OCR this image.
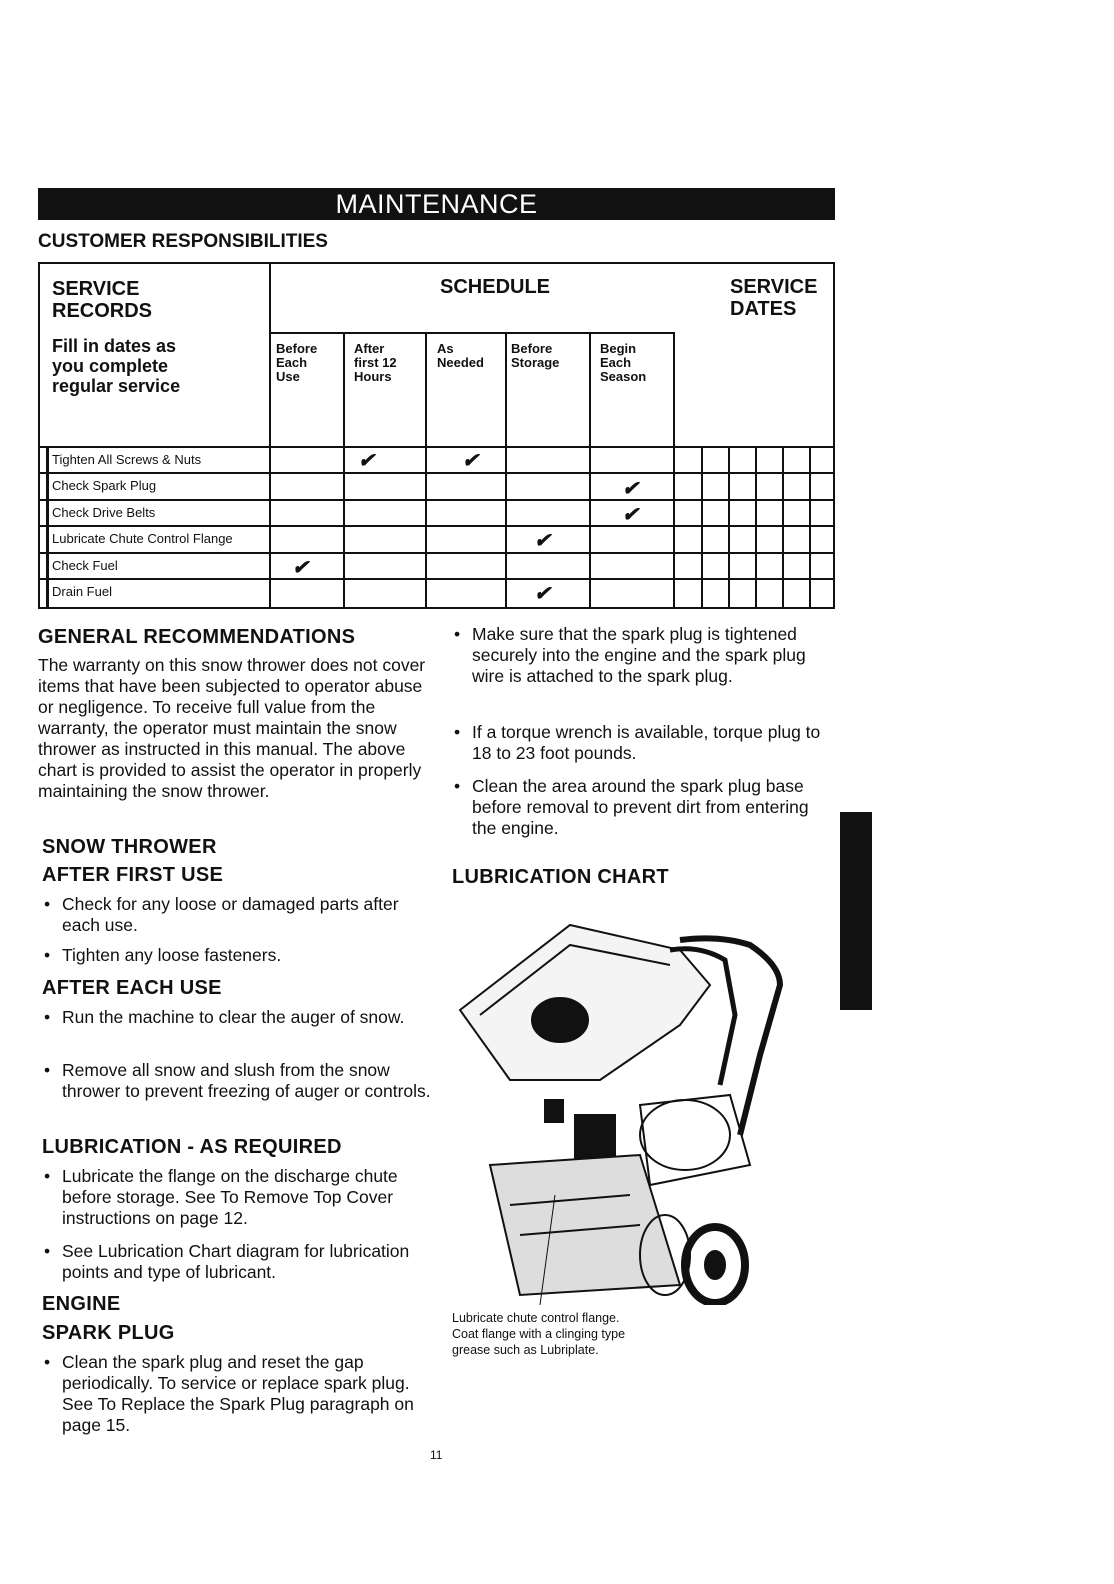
MAINTENANCE
CUSTOMER RESPONSIBILITIES
SERVICE
RECORDS
Fill in dates as
you complete
regular service
SCHEDULE	SERVICE
DATES
Before
Each
Use
After
first 12
Hours
As
Needed
Before
Storage
Begin
Each
Season
Tighten All Screws & Nuts
Check Spark Plug
Check Drive Belts
Lubricate Chute Control Flange
Check Fuel
Drain Fuel
✔	✔
✔
✔
✔
✔
✔
GENERAL RECOMMENDATIONS
The warranty on this snow thrower does not cover items that have been subjected to operator abuse or negligence. To receive full value from the warranty, the operator must maintain the snow thrower as instructed in this manual. The above chart is provided to assist the operator in properly maintaining the snow thrower.
SNOW THROWER
AFTER FIRST USE
• Check for any loose or damaged parts after each use.
• Tighten any loose fasteners.
AFTER EACH USE
• Run the machine to clear the auger of snow.
• Remove all snow and slush from the snow thrower to prevent freezing of auger or controls.
LUBRICATION - AS REQUIRED
• Lubricate the flange on the discharge chute before storage. See To Remove Top Cover instructions on page 12.
• See Lubrication Chart diagram for lubrication points and type of lubricant.
ENGINE
SPARK PLUG
• Clean the spark plug and reset the gap periodically. To service or replace spark plug. See To Replace the Spark Plug paragraph on page 15.
• Make sure that the spark plug is tightened securely into the engine and the spark plug wire is attached to the spark plug.
• If a torque wrench is available, torque plug to 18 to 23 foot pounds.
• Clean the area around the spark plug base before removal to prevent dirt from entering the engine.
LUBRICATION CHART
Lubricate chute control flange.
Coat flange with a clinging type
grease such as Lubriplate.
11
